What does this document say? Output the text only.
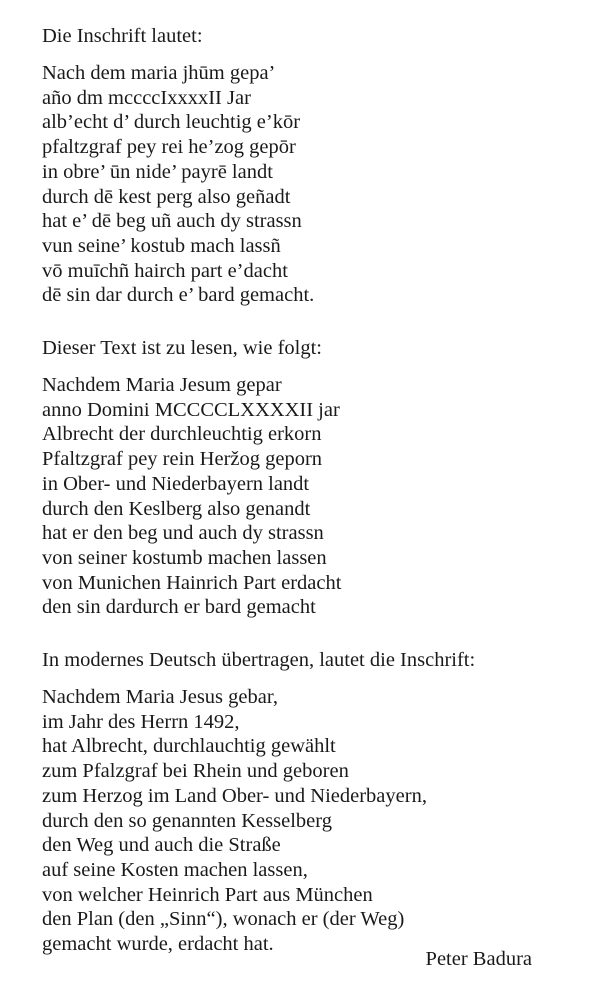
Die Inschrift lautet:

Nach dem maria jhūm gepa’
añо dm mccccIxxxxII Jar
alb’echt d’ durch leuchtig e’kōr
pfaltzgraf pey rei he’zog gepōr
in obre’ ūn nide’ payrē landt
durch dē kest perg also geñadt
hat e’ dē beg uñ auch dy strassn
vun seine’ kostub mach lassñ
vō muīchñ hairch part e’dacht
dē sin dar durch e’ bard gemacht.

Dieser Text ist zu lesen, wie folgt:

Nachdem Maria Jesum gepar
anno Domini MCCCCLXXXXII jar
Albrecht der durchleuchtig erkorn
Pfaltzgraf pey rein Heržog geporn
in Ober- und Niederbayern landt
durch den Keslberg also genandt
hat er den beg und auch dy strassn
von seiner kostumb machen lassen
von Munichen Hainrich Part erdacht
den sin dardurch er bard gemacht

In modernes Deutsch übertragen, lautet die Inschrift:

Nachdem Maria Jesus gebar,
im Jahr des Herrn 1492,
hat Albrecht, durchlauchtig gewählt
zum Pfalzgraf bei Rhein und geboren
zum Herzog im Land Ober- und Niederbayern,
durch den so genannten Kesselberg
den Weg und auch die Straße
auf seine Kosten machen lassen,
von welcher Heinrich Part aus München
den Plan (den „Sinn“), wonach er (der Weg)
gemacht wurde, erdacht hat.
Peter Badura
